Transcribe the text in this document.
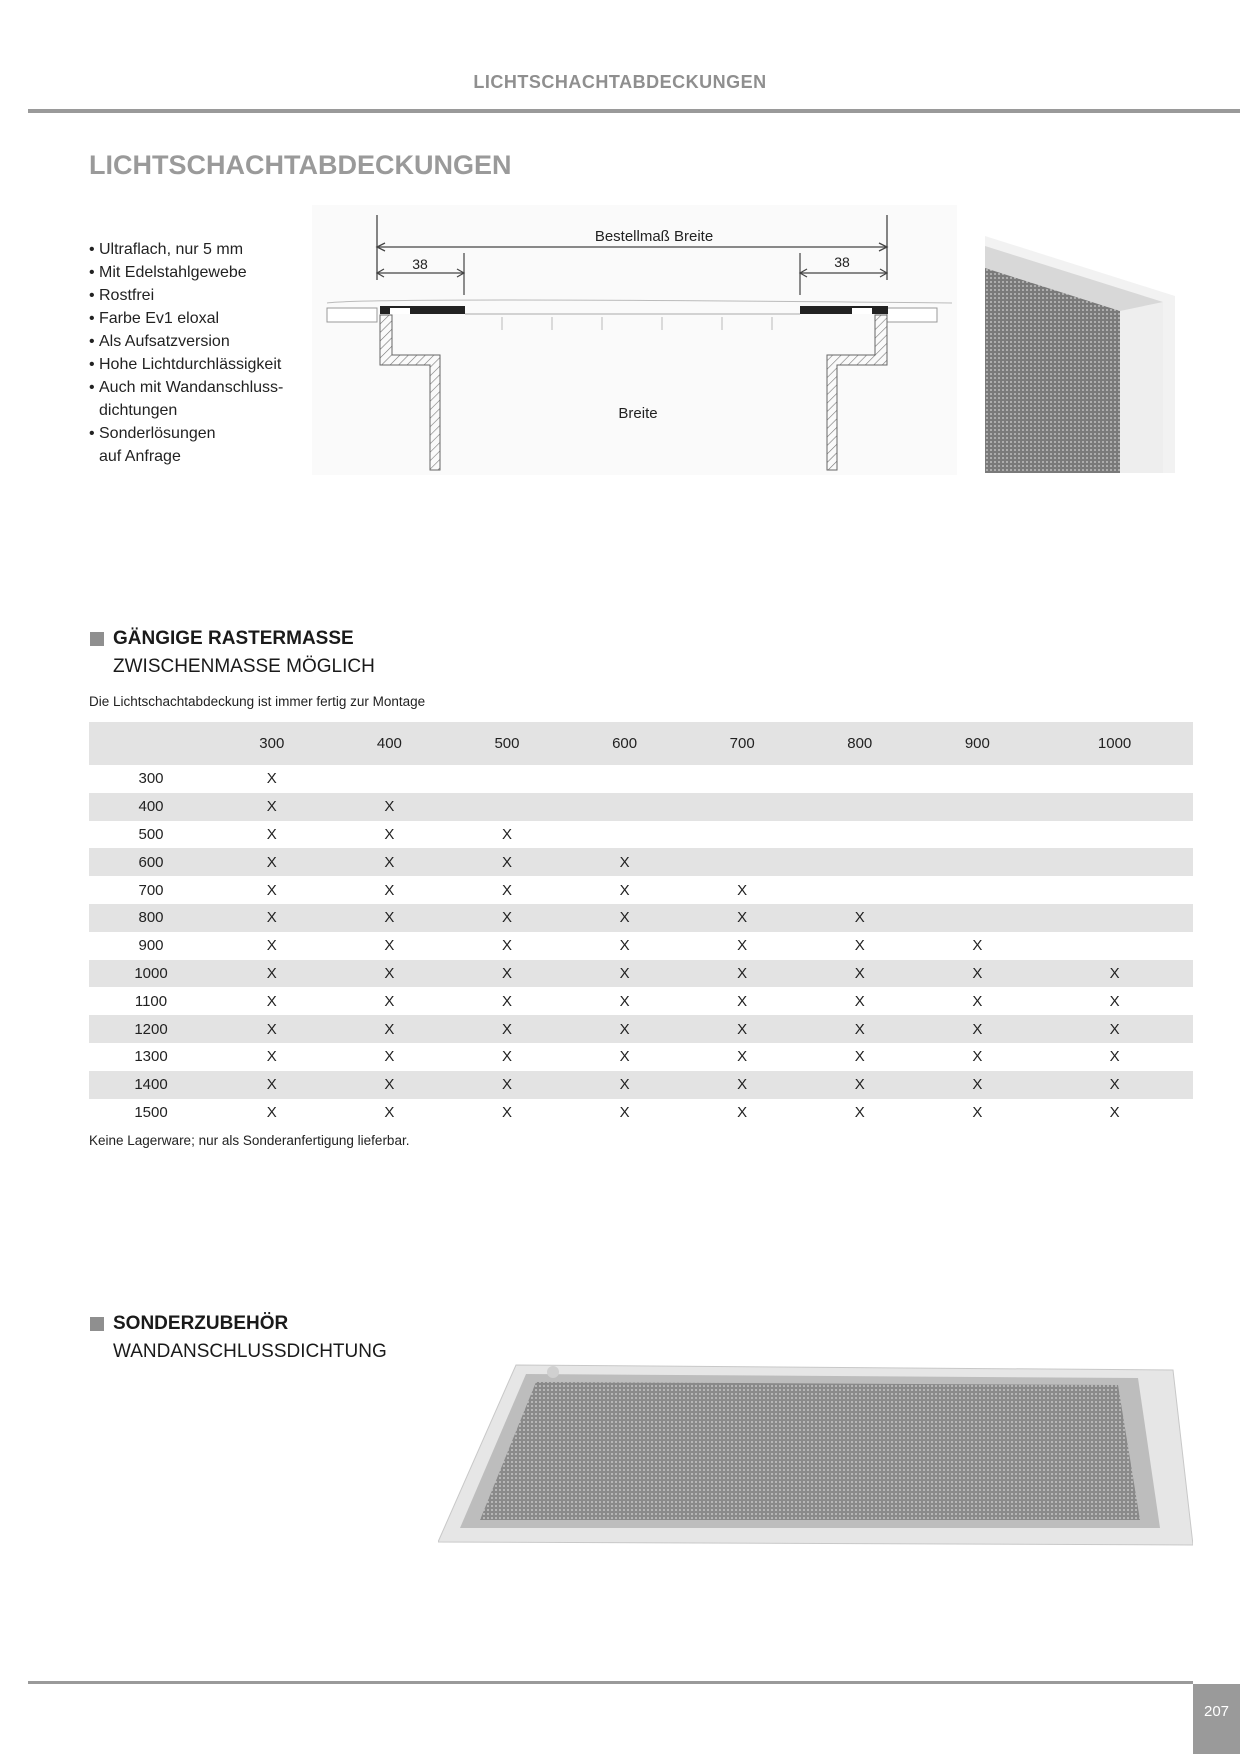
LICHTSCHACHTABDECKUNGEN
LICHTSCHACHTABDECKUNGEN
• Ultraflach, nur 5 mm
• Mit Edelstahlgewebe
• Rostfrei
• Farbe Ev1 eloxal
• Als Aufsatzversion
• Hohe Lichtdurchlässigkeit
• Auch mit Wandanschluss-dichtungen
• Sonderlösungen auf Anfrage
Bestellmaß Breite
38	38
Breite
GÄNGIGE RASTERMASSE
ZWISCHENMASSE MÖGLICH
Die Lichtschachtabdeckung ist immer fertig zur Montage
	300	400	500	600	700	800	900	1000
300	X							
400	X	X						
500	X	X	X					
600	X	X	X	X				
700	X	X	X	X	X			
800	X	X	X	X	X	X		
900	X	X	X	X	X	X	X	
1000	X	X	X	X	X	X	X	X
1100	X	X	X	X	X	X	X	X
1200	X	X	X	X	X	X	X	X
1300	X	X	X	X	X	X	X	X
1400	X	X	X	X	X	X	X	X
1500	X	X	X	X	X	X	X	X
Keine Lagerware; nur als Sonderanfertigung lieferbar.
SONDERZUBEHÖR
WANDANSCHLUSSDICHTUNG
207
